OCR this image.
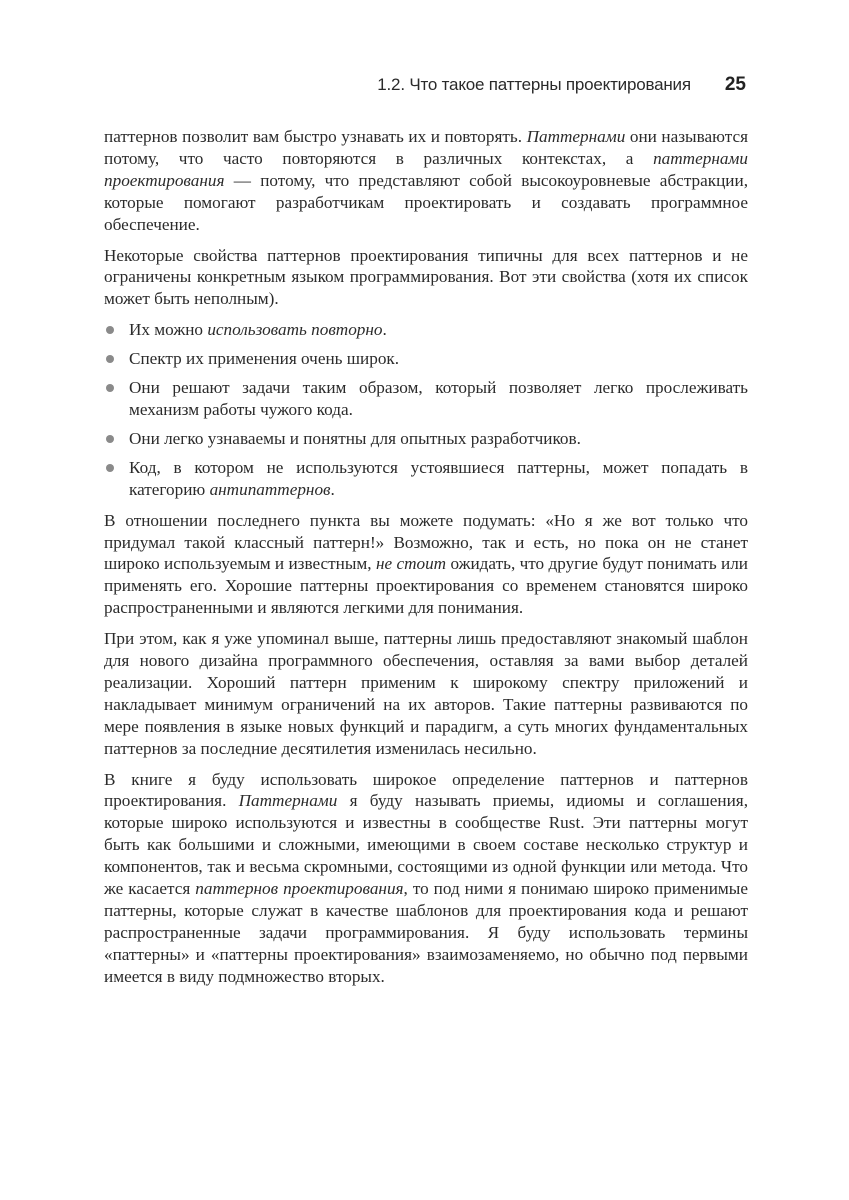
1.2. Что такое паттерны проектирования 25

паттернов позволит вам быстро узнавать их и повторять. Паттернами они называются потому, что часто повторяются в различных контекстах, а паттернами проектирования — потому, что представляют собой высокоуровневые абстракции, которые помогают разработчикам проектировать и создавать программное обеспечение.

Некоторые свойства паттернов проектирования типичны для всех паттернов и не ограничены конкретным языком программирования. Вот эти свойства (хотя их список может быть неполным).

Их можно использовать повторно.
Спектр их применения очень широк.
Они решают задачи таким образом, который позволяет легко прослеживать механизм работы чужого кода.
Они легко узнаваемы и понятны для опытных разработчиков.
Код, в котором не используются устоявшиеся паттерны, может попадать в категорию антипаттернов.

В отношении последнего пункта вы можете подумать: «Но я же вот только что придумал такой классный паттерн!» Возможно, так и есть, но пока он не станет широко используемым и известным, не стоит ожидать, что другие будут понимать или применять его. Хорошие паттерны проектирования со временем становятся широко распространенными и являются легкими для понимания.

При этом, как я уже упоминал выше, паттерны лишь предоставляют знакомый шаблон для нового дизайна программного обеспечения, оставляя за вами выбор деталей реализации. Хороший паттерн применим к широкому спектру приложений и накладывает минимум ограничений на их авторов. Такие паттерны развиваются по мере появления в языке новых функций и парадигм, а суть многих фундаментальных паттернов за последние десятилетия изменилась несильно.

В книге я буду использовать широкое определение паттернов и паттернов проектирования. Паттернами я буду называть приемы, идиомы и соглашения, которые широко используются и известны в сообществе Rust. Эти паттерны могут быть как большими и сложными, имеющими в своем составе несколько структур и компонентов, так и весьма скромными, состоящими из одной функции или метода. Что же касается паттернов проектирования, то под ними я понимаю широко применимые паттерны, которые служат в качестве шаблонов для проектирования кода и решают распространенные задачи программирования. Я буду использовать термины «паттерны» и «паттерны проектирования» взаимозаменяемо, но обычно под первыми имеется в виду подмножество вторых.
